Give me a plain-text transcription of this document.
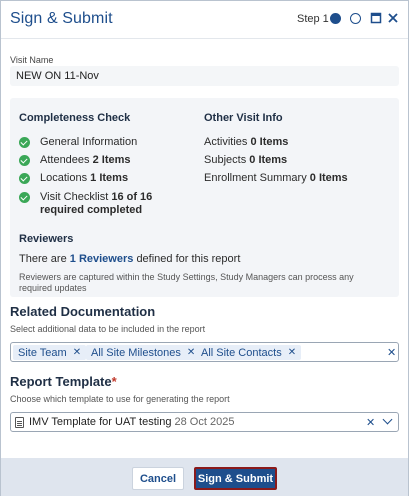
Sign & Submit	Step 1
Visit Name
NEW ON 11-Nov
Completeness Check	Other Visit Info
General Information
Attendees 2 Items
Locations 1 Items
Visit Checklist 16 of 16 required completed
Activities 0 Items
Subjects 0 Items
Enrollment Summary 0 Items
Reviewers
There are 1 Reviewers defined for this report
Reviewers are captured within the Study Settings, Study Managers can process any required updates
Related Documentation
Select additional data to be included in the report
Site Team ✕ All Site Milestones ✕ All Site Contacts ✕	✕
Report Template*
Choose which template to use for generating the report
IMV Template for UAT testing 28 Oct 2025	✕
Cancel	Sign & Submit
